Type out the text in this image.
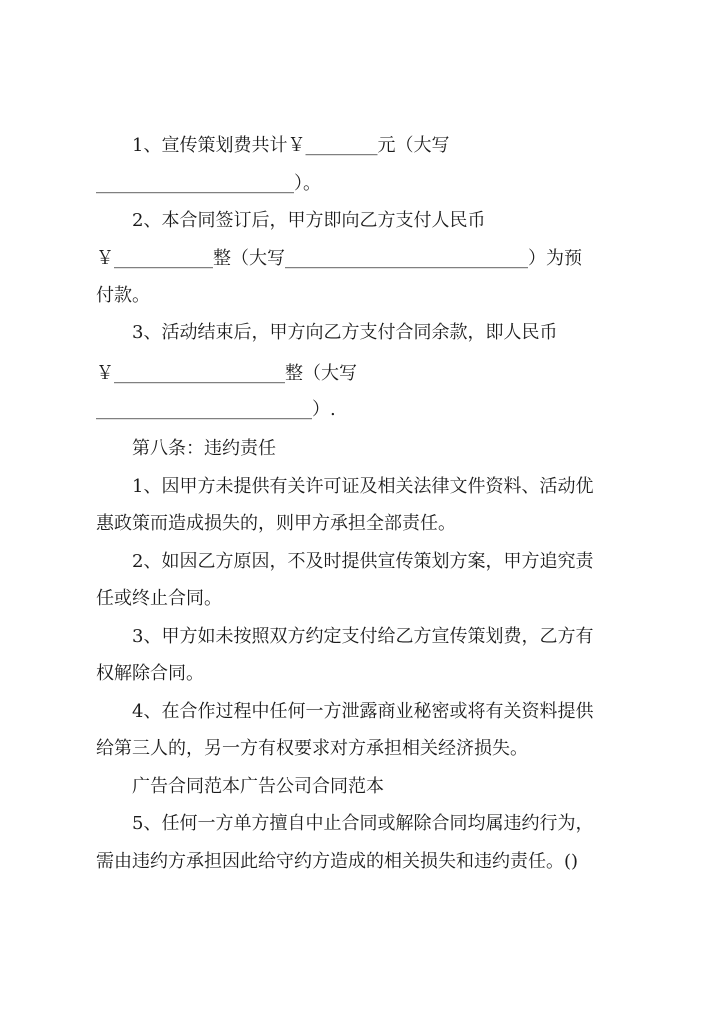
1、宣传策划费共计￥________元（大写
______________________）。
2、本合同签订后，甲方即向乙方支付人民币
￥___________整（大写___________________________）为预
付款。
3、活动结束后，甲方向乙方支付合同余款，即人民币
￥___________________整（大写
________________________）.
第八条：违约责任
1、因甲方未提供有关许可证及相关法律文件资料、活动优
惠政策而造成损失的，则甲方承担全部责任。
2、如因乙方原因，不及时提供宣传策划方案，甲方追究责
任或终止合同。
3、甲方如未按照双方约定支付给乙方宣传策划费，乙方有
权解除合同。
4、在合作过程中任何一方泄露商业秘密或将有关资料提供
给第三人的，另一方有权要求对方承担相关经济损失。
广告合同范本广告公司合同范本
5、任何一方单方擅自中止合同或解除合同均属违约行为，
需由违约方承担因此给守约方造成的相关损失和违约责任。()
